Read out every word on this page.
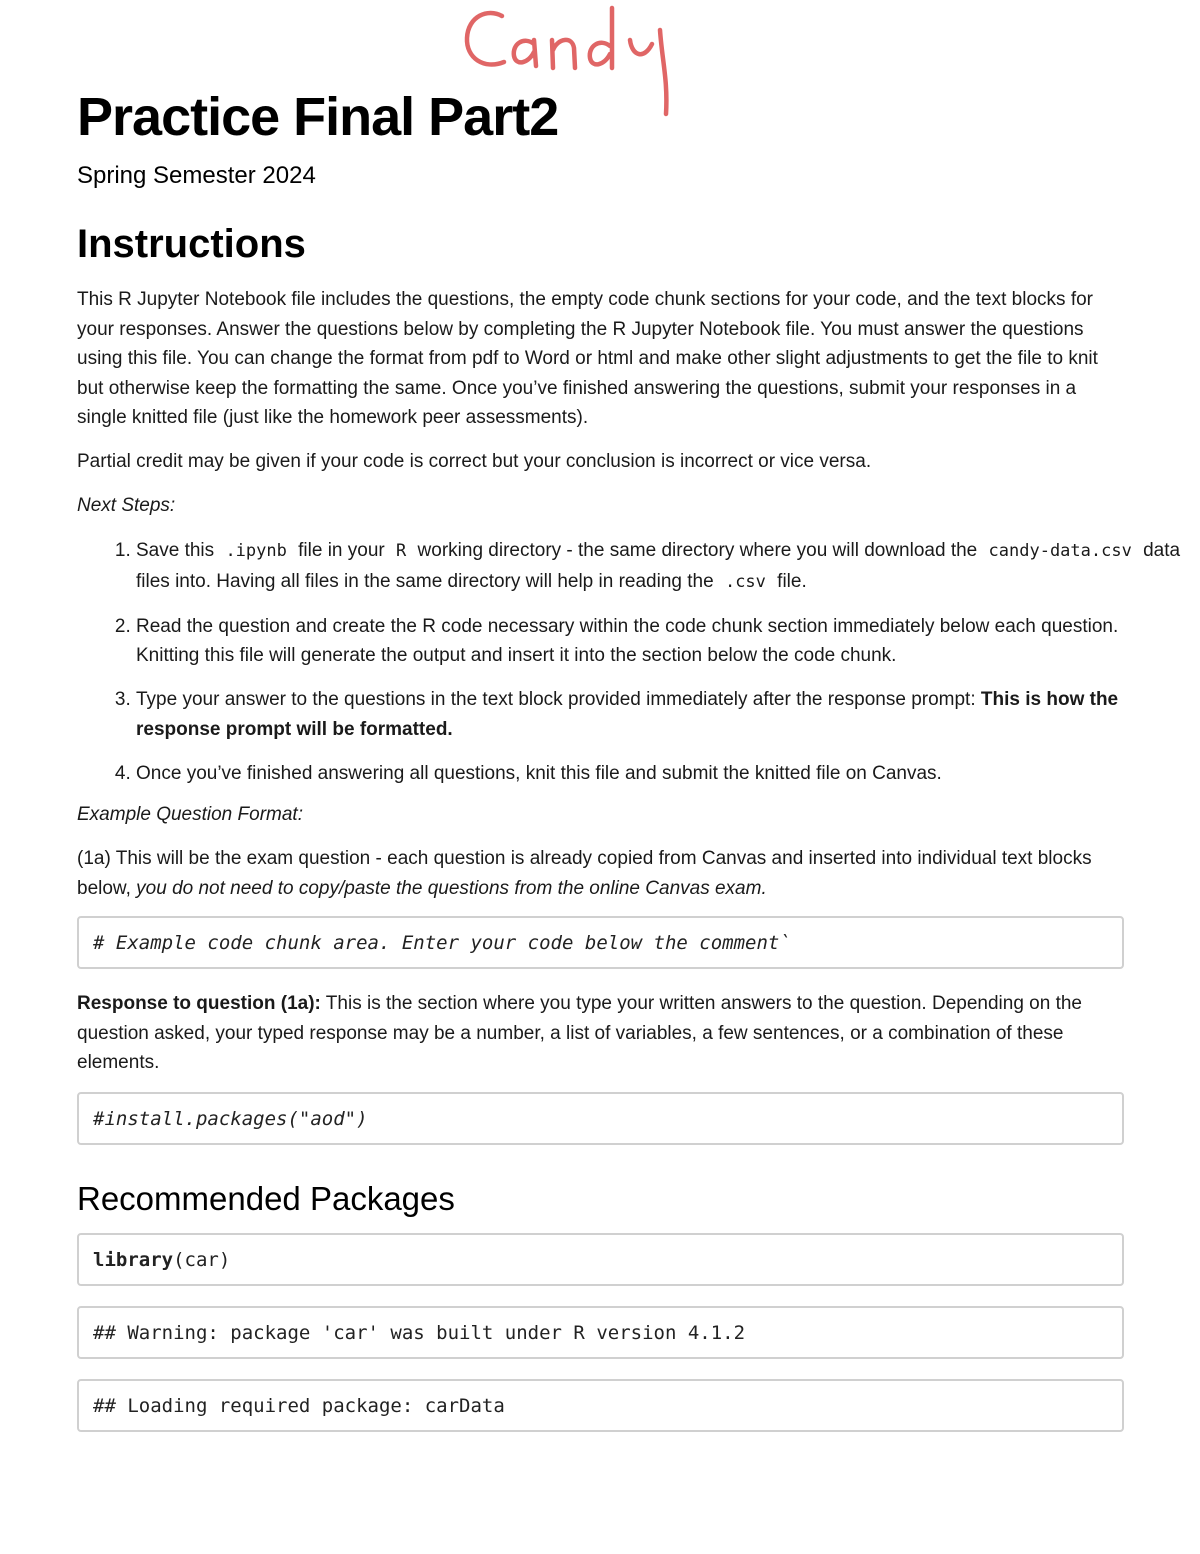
Practice Final Part2

Spring Semester 2024

Instructions

This R Jupyter Notebook file includes the questions, the empty code chunk sections for your code, and the text blocks for your responses. Answer the questions below by completing the R Jupyter Notebook file. You must answer the questions using this file. You can change the format from pdf to Word or html and make other slight adjustments to get the file to knit but otherwise keep the formatting the same. Once you’ve finished answering the questions, submit your responses in a single knitted file (just like the homework peer assessments).

Partial credit may be given if your code is correct but your conclusion is incorrect or vice versa.

Next Steps:

1. Save this .ipynb file in your R working directory - the same directory where you will download the candy-data.csv data files into. Having all files in the same directory will help in reading the .csv file.
2. Read the question and create the R code necessary within the code chunk section immediately below each question. Knitting this file will generate the output and insert it into the section below the code chunk.
3. Type your answer to the questions in the text block provided immediately after the response prompt: This is how the response prompt will be formatted.
4. Once you’ve finished answering all questions, knit this file and submit the knitted file on Canvas.

Example Question Format:

(1a) This will be the exam question - each question is already copied from Canvas and inserted into individual text blocks below, you do not need to copy/paste the questions from the online Canvas exam.

# Example code chunk area. Enter your code below the comment`

Response to question (1a): This is the section where you type your written answers to the question. Depending on the question asked, your typed response may be a number, a list of variables, a few sentences, or a combination of these elements.

#install.packages("aod")
Recommended Packages
library (car)
## Warning: package 'car' was built under R version 4.1.2
## Loading required package: carData
